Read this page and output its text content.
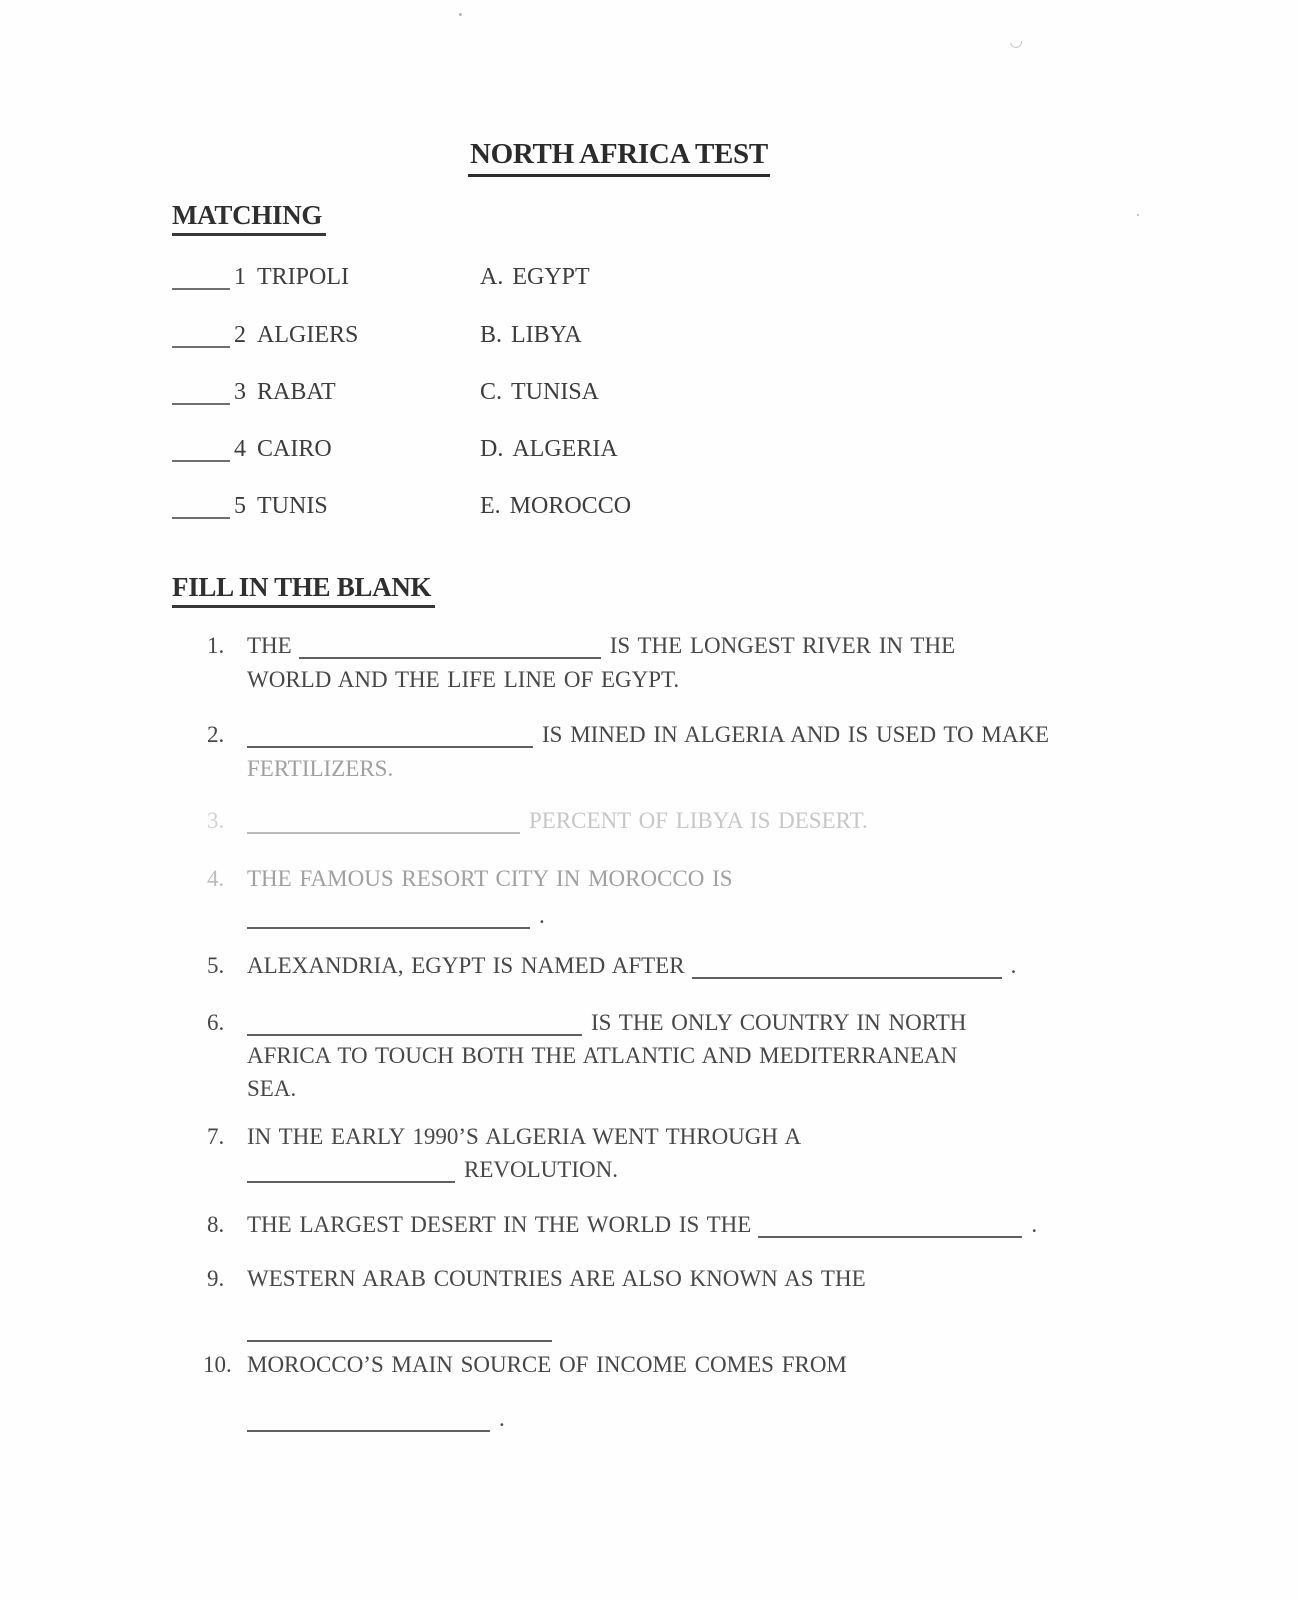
NORTH AFRICA TEST
MATCHING
1 TRIPOLI	A. EGYPT
2 ALGIERS	B. LIBYA
3 RABAT	C. TUNISA
4 CAIRO	D. ALGERIA
5 TUNIS	E. MOROCCO
FILL IN THE BLANK
1. THE	IS THE LONGEST RIVER IN THE
WORLD AND THE LIFE LINE OF EGYPT.
2.	IS MINED IN ALGERIA AND IS USED TO MAKE
FERTILIZERS.
3.	PERCENT OF LIBYA IS DESERT.
4. THE FAMOUS RESORT CITY IN MOROCCO IS
.
5. ALEXANDRIA, EGYPT IS NAMED AFTER	.
6.	IS THE ONLY COUNTRY IN NORTH
AFRICA TO TOUCH BOTH THE ATLANTIC AND MEDITERRANEAN
SEA.
7. IN THE EARLY 1990’S ALGERIA WENT THROUGH A
REVOLUTION.
8. THE LARGEST DESERT IN THE WORLD IS THE	.
9. WESTERN ARAB COUNTRIES ARE ALSO KNOWN AS THE
10. MOROCCO’S MAIN SOURCE OF INCOME COMES FROM
.
